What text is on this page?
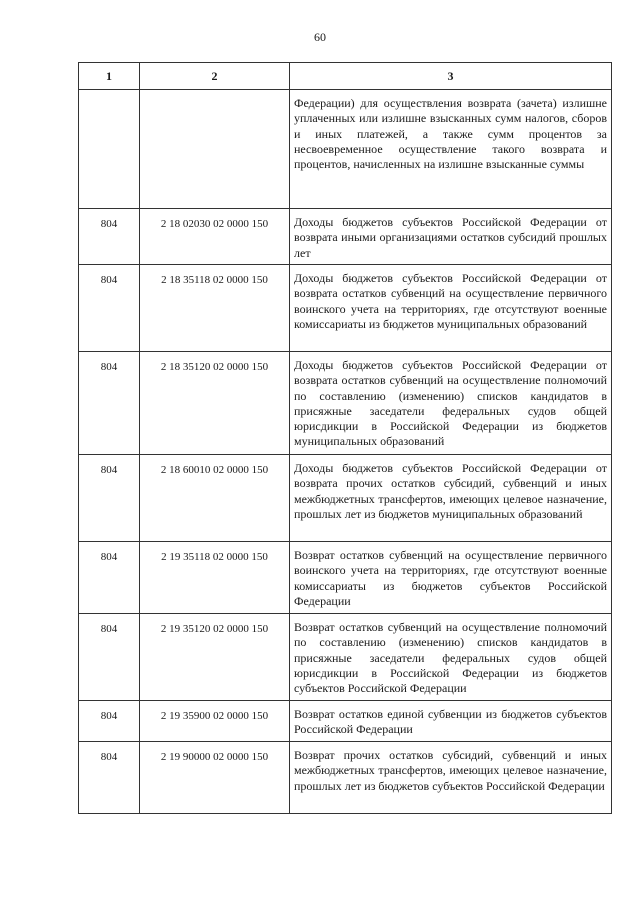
60
1	2	3
		Федерации) для осуществления возврата (зачета) излишне уплаченных или излишне взысканных сумм налогов, сборов и иных платежей, а также сумм процентов за несвоевременное осуществление такого возврата и процентов, начисленных на излишне взысканные суммы
804	2 18 02030 02 0000 150	Доходы бюджетов субъектов Российской Федерации от возврата иными организациями остатков субсидий прошлых лет
804	2 18 35118 02 0000 150	Доходы бюджетов субъектов Российской Федерации от возврата остатков субвенций на осуществление первичного воинского учета на территориях, где отсутствуют военные комиссариаты из бюджетов муниципальных образований
804	2 18 35120 02 0000 150	Доходы бюджетов субъектов Российской Федерации от возврата остатков субвенций на осуществление полномочий по составлению (изменению) списков кандидатов в присяжные заседатели федеральных судов общей юрисдикции в Российской Федерации из бюджетов муниципальных образований
804	2 18 60010 02 0000 150	Доходы бюджетов субъектов Российской Федерации от возврата прочих остатков субсидий, субвенций и иных межбюджетных трансфертов, имеющих целевое назначение, прошлых лет из бюджетов муниципальных образований
804	2 19 35118 02 0000 150	Возврат остатков субвенций на осуществление первичного воинского учета на территориях, где отсутствуют военные комиссариаты из бюджетов субъектов Российской Федерации
804	2 19 35120 02 0000 150	Возврат остатков субвенций на осуществление полномочий по составлению (изменению) списков кандидатов в присяжные заседатели федеральных судов общей юрисдикции в Российской Федерации из бюджетов субъектов Российской Федерации
804	2 19 35900 02 0000 150	Возврат остатков единой субвенции из бюджетов субъектов Российской Федерации
804	2 19 90000 02 0000 150	Возврат прочих остатков субсидий, субвенций и иных межбюджетных трансфертов, имеющих целевое назначение, прошлых лет из бюджетов субъектов Российской Федерации
